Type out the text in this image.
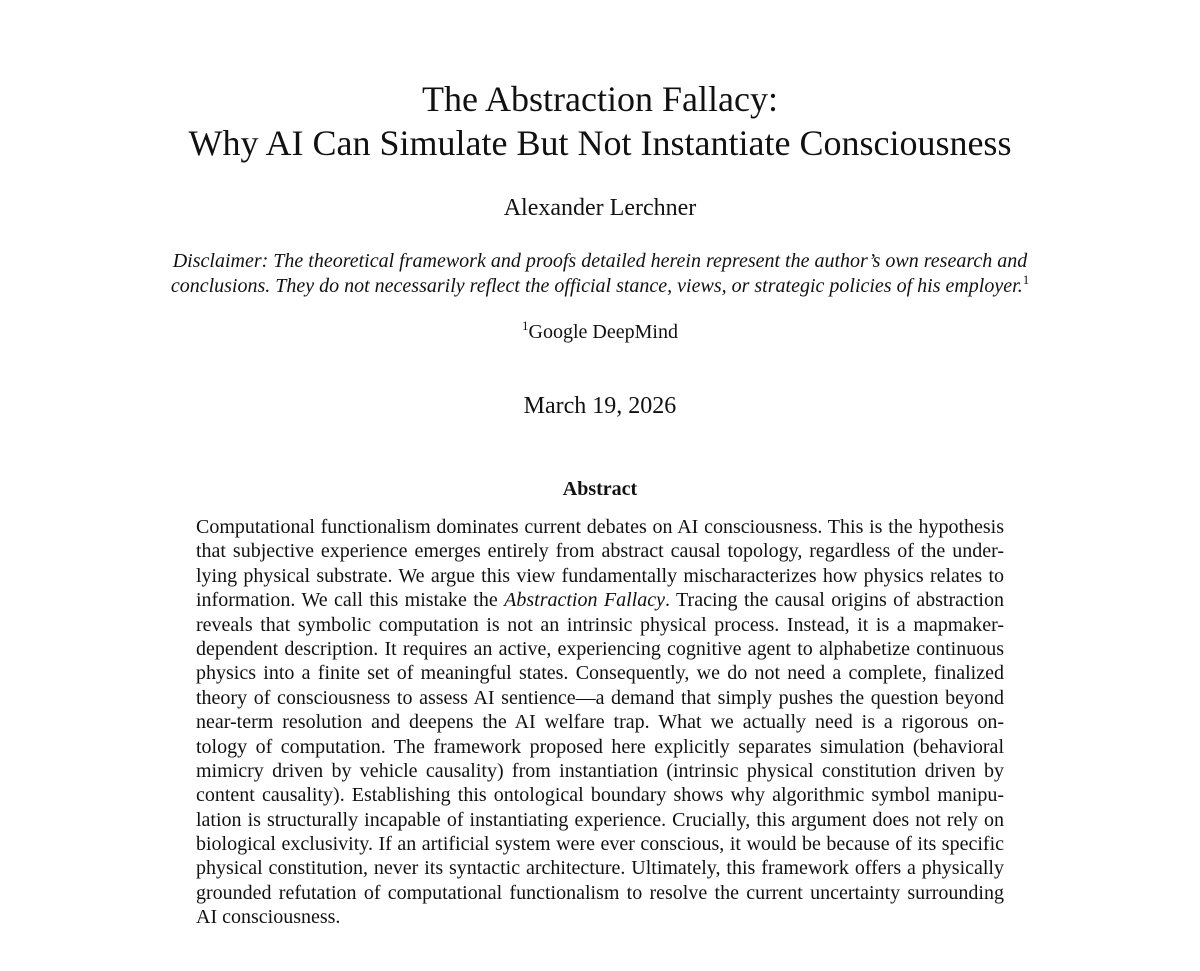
The Abstraction Fallacy:
Why AI Can Simulate But Not Instantiate Consciousness
Alexander Lerchner
Disclaimer: The theoretical framework and proofs detailed herein represent the author’s own research and
conclusions. They do not necessarily reflect the official stance, views, or strategic policies of his employer.$^1$
$^1$Google DeepMind
March 19, 2026
Abstract
Computational functionalism dominates current debates on AI consciousness. This is the hypothesis
that subjective experience emerges entirely from abstract causal topology, regardless of the under-
lying physical substrate. We argue this view fundamentally mischaracterizes how physics relates to
information. We call this mistake the Abstraction Fallacy. Tracing the causal origins of abstraction
reveals that symbolic computation is not an intrinsic physical process. Instead, it is a mapmaker-
dependent description. It requires an active, experiencing cognitive agent to alphabetize continuous
physics into a finite set of meaningful states. Consequently, we do not need a complete, finalized
theory of consciousness to assess AI sentience—a demand that simply pushes the question beyond
near-term resolution and deepens the AI welfare trap. What we actually need is a rigorous on-
tology of computation. The framework proposed here explicitly separates simulation (behavioral
mimicry driven by vehicle causality) from instantiation (intrinsic physical constitution driven by
content causality). Establishing this ontological boundary shows why algorithmic symbol manipu-
lation is structurally incapable of instantiating experience. Crucially, this argument does not rely on
biological exclusivity. If an artificial system were ever conscious, it would be because of its specific
physical constitution, never its syntactic architecture. Ultimately, this framework offers a physically
grounded refutation of computational functionalism to resolve the current uncertainty surrounding
AI consciousness.
